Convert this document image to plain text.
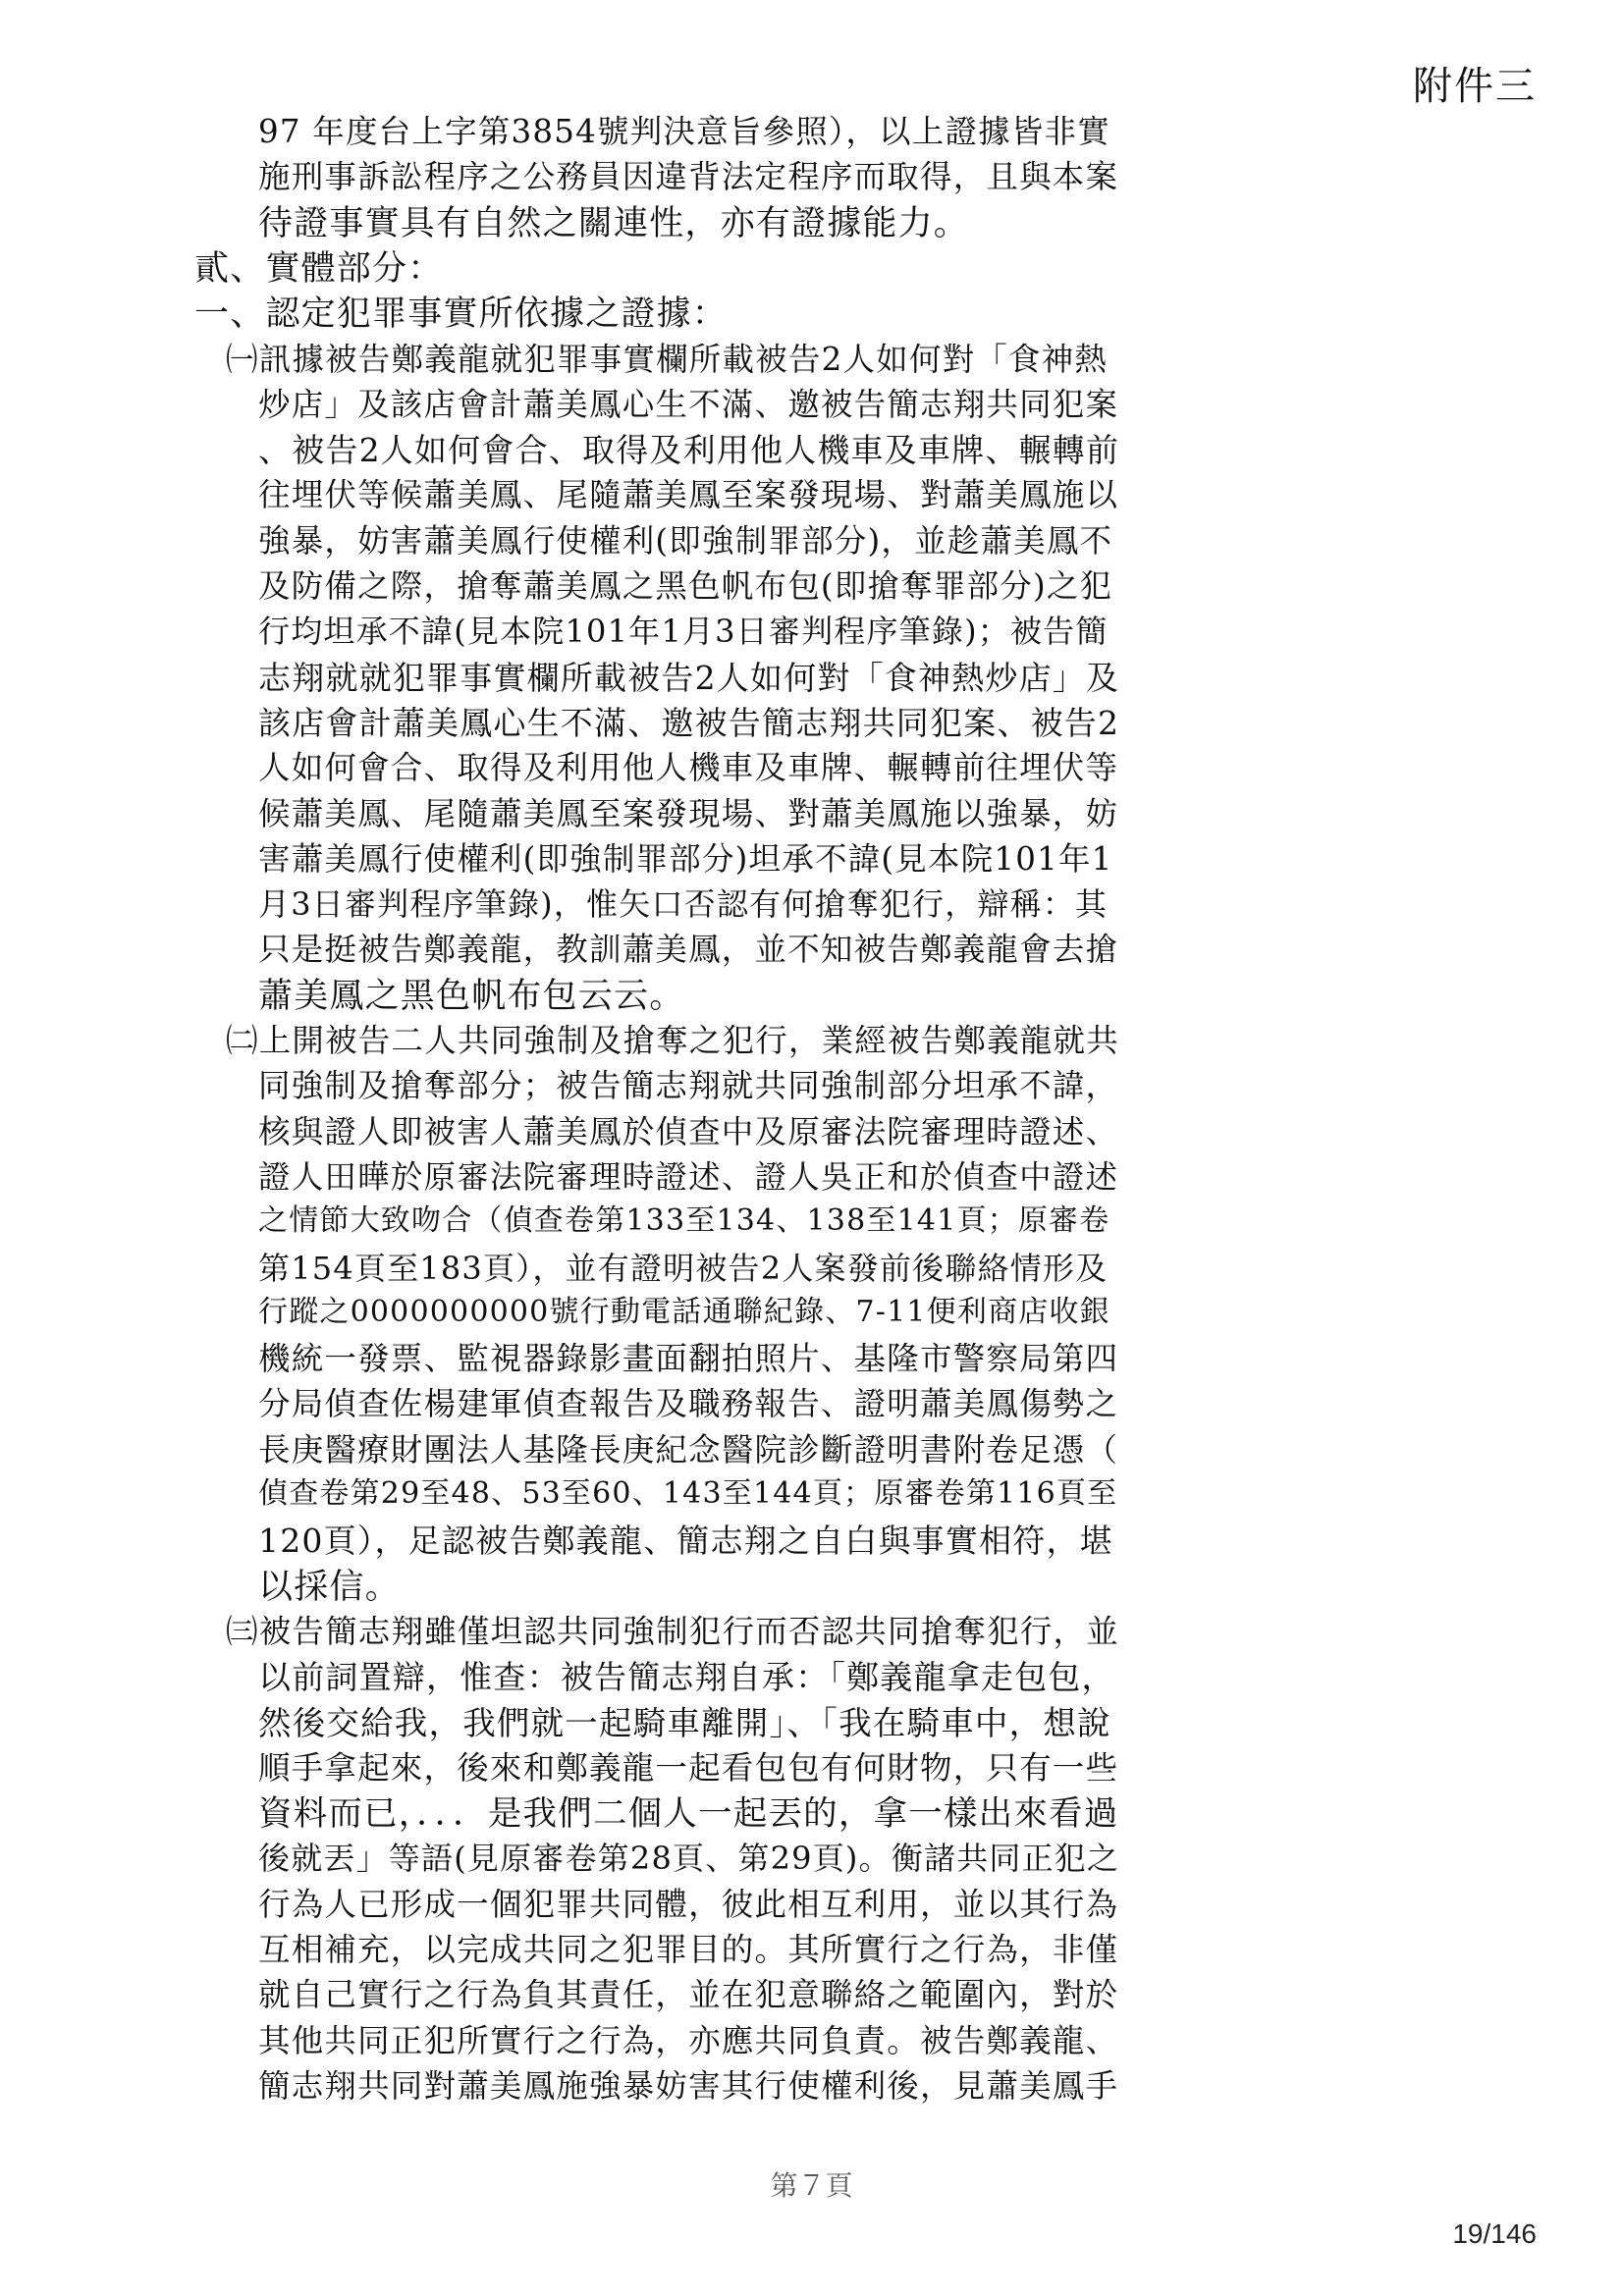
附件三
97 年度台上字第3854號判決意旨參照），以上證據皆非實
施刑事訴訟程序之公務員因違背法定程序而取得，且與本案
待證事實具有自然之關連性，亦有證據能力。
貳、實體部分：
一、認定犯罪事實所依據之證據：
㈠訊據被告鄭義龍就犯罪事實欄所載被告2人如何對「食神熱
炒店」及該店會計蕭美鳳心生不滿、邀被告簡志翔共同犯案
、被告2人如何會合、取得及利用他人機車及車牌、輾轉前
往埋伏等候蕭美鳳、尾隨蕭美鳳至案發現場、對蕭美鳳施以
強暴，妨害蕭美鳳行使權利(即強制罪部分)，並趁蕭美鳳不
及防備之際，搶奪蕭美鳳之黑色帆布包(即搶奪罪部分)之犯
行均坦承不諱(見本院101年1月3日審判程序筆錄)；被告簡
志翔就就犯罪事實欄所載被告2人如何對「食神熱炒店」及
該店會計蕭美鳳心生不滿、邀被告簡志翔共同犯案、被告2
人如何會合、取得及利用他人機車及車牌、輾轉前往埋伏等
候蕭美鳳、尾隨蕭美鳳至案發現場、對蕭美鳳施以強暴，妨
害蕭美鳳行使權利(即強制罪部分)坦承不諱(見本院101年1
月3日審判程序筆錄)，惟矢口否認有何搶奪犯行，辯稱：其
只是挺被告鄭義龍，教訓蕭美鳳，並不知被告鄭義龍會去搶
蕭美鳳之黑色帆布包云云。
㈡上開被告二人共同強制及搶奪之犯行，業經被告鄭義龍就共
同強制及搶奪部分；被告簡志翔就共同強制部分坦承不諱，
核與證人即被害人蕭美鳳於偵查中及原審法院審理時證述、
證人田曄於原審法院審理時證述、證人吳正和於偵查中證述
之情節大致吻合（偵查卷第133至134、138至141頁；原審卷
第154頁至183頁），並有證明被告2人案發前後聯絡情形及
行蹤之0000000000號行動電話通聯紀錄、7-11便利商店收銀
機統一發票、監視器錄影畫面翻拍照片、基隆市警察局第四
分局偵查佐楊建軍偵查報告及職務報告、證明蕭美鳳傷勢之
長庚醫療財團法人基隆長庚紀念醫院診斷證明書附卷足憑（
偵查卷第29至48、53至60、143至144頁；原審卷第116頁至
120頁），足認被告鄭義龍、簡志翔之自白與事實相符，堪
以採信。
㈢被告簡志翔雖僅坦認共同強制犯行而否認共同搶奪犯行，並
以前詞置辯，惟查：被告簡志翔自承：「鄭義龍拿走包包，
然後交給我，我們就一起騎車離開」、「我在騎車中，想說
順手拿起來，後來和鄭義龍一起看包包有何財物，只有一些
資料而已，．．．是我們二個人一起丟的，拿一樣出來看過
後就丟」等語(見原審卷第28頁、第29頁)。衡諸共同正犯之
行為人已形成一個犯罪共同體，彼此相互利用，並以其行為
互相補充，以完成共同之犯罪目的。其所實行之行為，非僅
就自己實行之行為負其責任，並在犯意聯絡之範圍內，對於
其他共同正犯所實行之行為，亦應共同負責。被告鄭義龍、
簡志翔共同對蕭美鳳施強暴妨害其行使權利後，見蕭美鳳手
第７頁
19/146
